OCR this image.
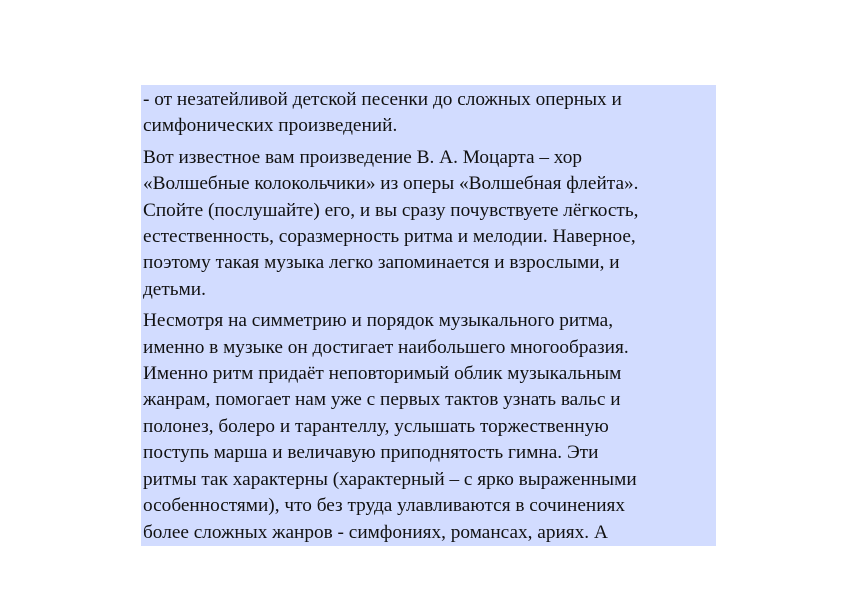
- от незатейливой детской песенки до сложных оперных и
симфонических произведений.

Вот известное вам произведение В. А. Моцарта – хор
«Волшебные колокольчики» из оперы «Волшебная флейта».
Спойте (послушайте) его, и вы сразу почувствуете лёгкость,
естественность, соразмерность ритма и мелодии. Наверное,
поэтому такая музыка легко запоминается и взрослыми, и
детьми.

Несмотря на симметрию и порядок музыкального ритма,
именно в музыке он достигает наибольшего многообразия.
Именно ритм придаёт неповторимый облик музыкальным
жанрам, помогает нам уже с первых тактов узнать вальс и
полонез, болеро и тарантеллу, услышать торжественную
поступь марша и величавую приподнятость гимна. Эти
ритмы так характерны (характерный – с ярко выраженными
особенностями), что без труда улавливаются в сочинениях
более сложных жанров - симфониях, романсах, ариях. А
